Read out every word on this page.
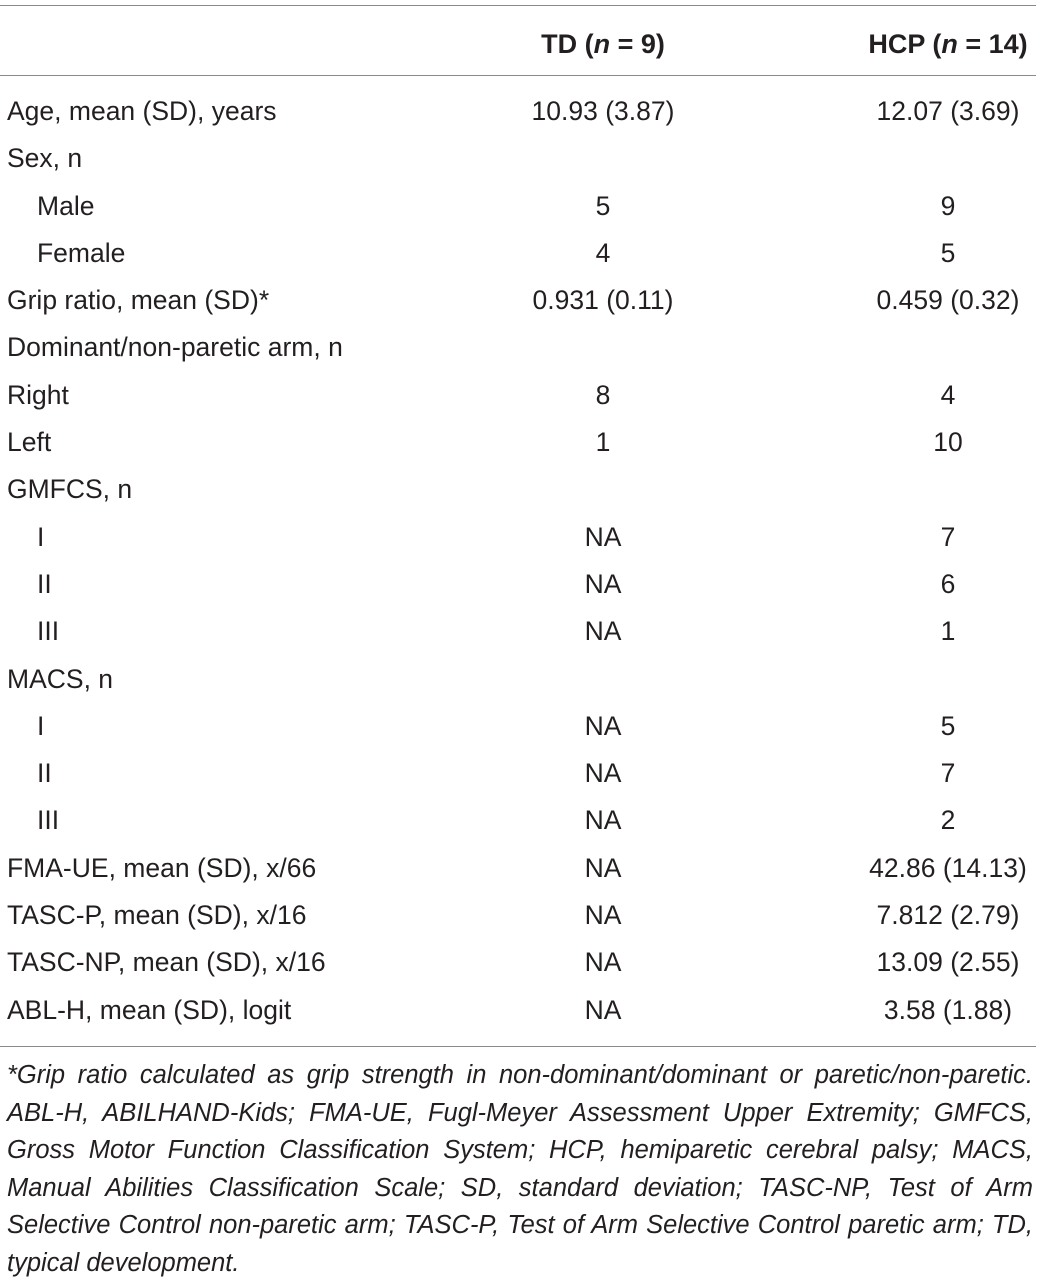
TD (n = 9)	HCP (n = 14)
Age, mean (SD), years	10.93 (3.87)	12.07 (3.69)
Sex, n
Male	5	9
Female	4	5
Grip ratio, mean (SD)*	0.931 (0.11)	0.459 (0.32)
Dominant/non-paretic arm, n
Right	8	4
Left	1	10
GMFCS, n
I	NA	7
II	NA	6
III	NA	1
MACS, n
I	NA	5
II	NA	7
III	NA	2
FMA-UE, mean (SD), x/66	NA	42.86 (14.13)
TASC-P, mean (SD), x/16	NA	7.812 (2.79)
TASC-NP, mean (SD), x/16	NA	13.09 (2.55)
ABL-H, mean (SD), logit	NA	3.58 (1.88)
*Grip ratio calculated as grip strength in non-dominant/dominant or paretic/non-paretic. ABL-H, ABILHAND-Kids; FMA-UE, Fugl-Meyer Assessment Upper Extremity; GMFCS, Gross Motor Function Classification System; HCP, hemiparetic cerebral palsy; MACS, Manual Abilities Classification Scale; SD, standard deviation; TASC-NP, Test of Arm Selective Control non-paretic arm; TASC-P, Test of Arm Selective Control paretic arm; TD, typical development.
